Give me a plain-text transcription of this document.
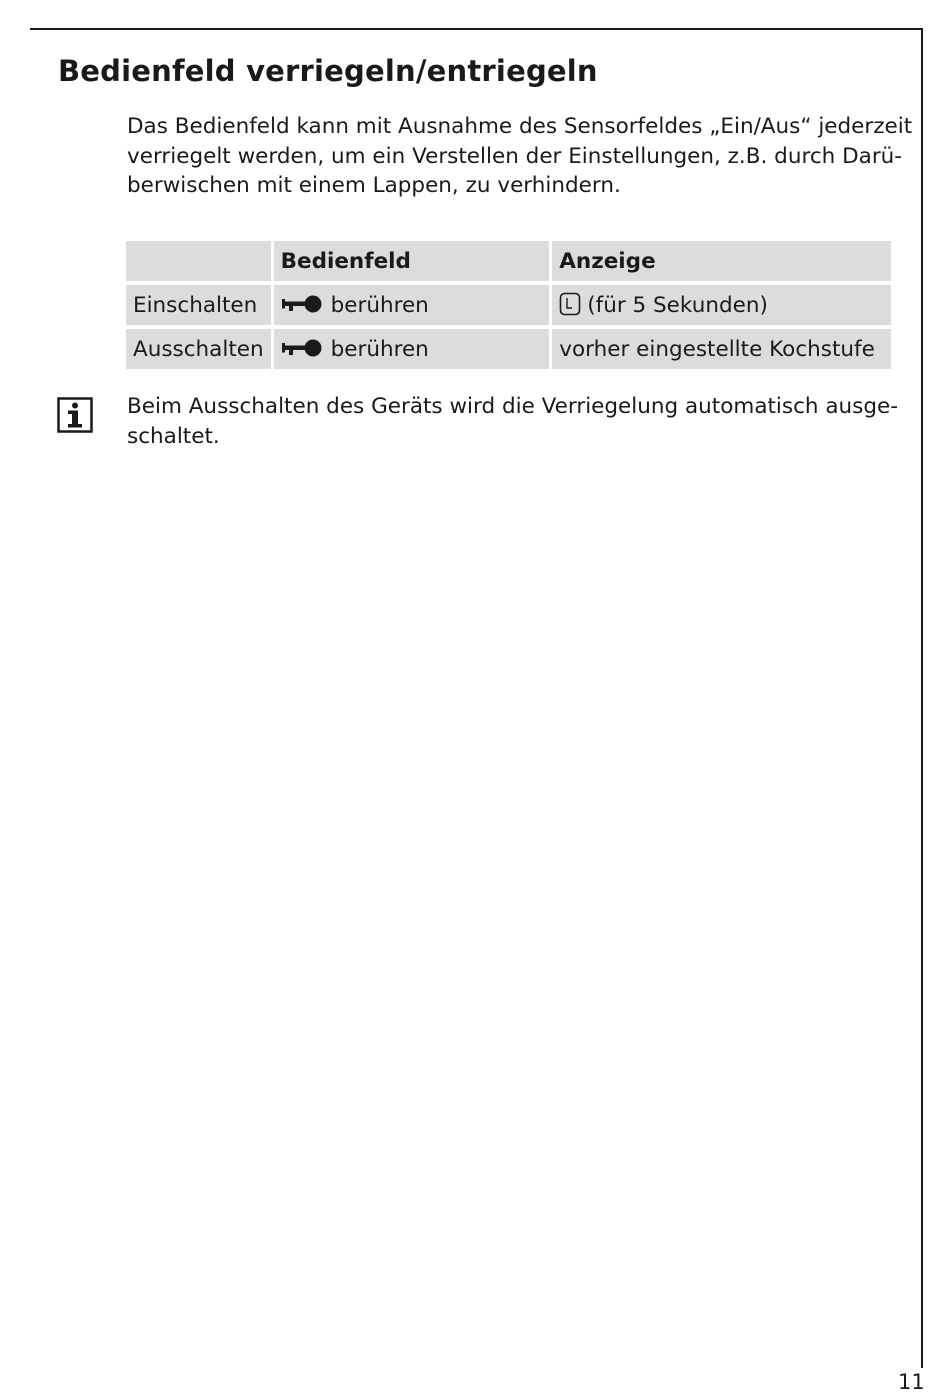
Bedienfeld verriegeln/entriegeln

Das Bedienfeld kann mit Ausnahme des Sensorfeldes „Ein/Aus“ jederzeit
verriegelt werden, um ein Verstellen der Einstellungen, z.B. durch Darü-
berwischen mit einem Lappen, zu verhindern.

	Bedienfeld	Anzeige
Einschalten	berühren	(für 5 Sekunden)
Ausschalten	berühren	vorher eingestellte Kochstufe

Beim Ausschalten des Geräts wird die Verriegelung automatisch ausge-
schaltet.

11
